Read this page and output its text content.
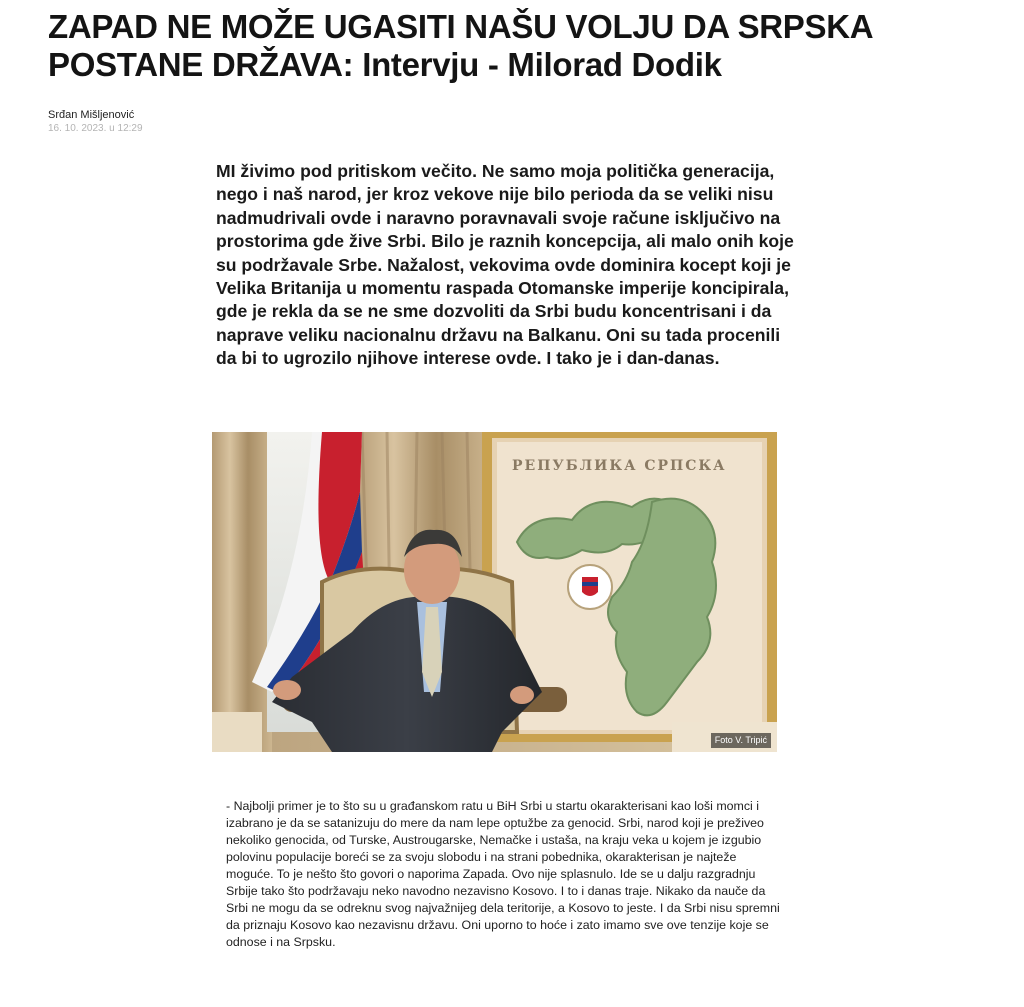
ZAPAD NE MOŽE UGASITI NAŠU VOLJU DA SRPSKA POSTANE DRŽAVA: Intervju - Milorad Dodik
Srđan Mišljenović
16. 10. 2023. u 12:29

MI živimo pod pritiskom večito. Ne samo moja politička generacija, nego i naš narod, jer kroz vekove nije bilo perioda da se veliki nisu nadmudrivali ovde i naravno poravnavali svoje račune isključivo na prostorima gde žive Srbi. Bilo je raznih koncepcija, ali malo onih koje su podržavale Srbe. Nažalost, vekovima ovde dominira kocept koji je Velika Britanija u momentu raspada Otomanske imperije koncipirala, gde je rekla da se ne sme dozvoliti da Srbi budu koncentrisani i da naprave veliku nacionalnu državu na Balkanu. Oni su tada procenili da bi to ugrozilo njihove interese ovde. I tako je i dan-danas.

РЕПУБЛИКА СРПСКА
Foto V. Tripić

- Najbolji primer je to što su u građanskom ratu u BiH Srbi u startu okarakterisani kao loši momci i izabrano je da se satanizuju do mere da nam lepe optužbe za genocid. Srbi, narod koji je preživeo nekoliko genocida, od Turske, Austrougarske, Nemačke i ustaša, na kraju veka u kojem je izgubio polovinu populacije boreći se za svoju slobodu i na strani pobednika, okarakterisan je najteže moguće. To je nešto što govori o naporima Zapada. Ovo nije splasnulo. Ide se u dalju razgradnju Srbije tako što podržavaju neko navodno nezavisno Kosovo. I to i danas traje. Nikako da nauče da Srbi ne mogu da se odreknu svog najvažnijeg dela teritorije, a Kosovo to jeste. I da Srbi nisu spremni da priznaju Kosovo kao nezavisnu državu. Oni uporno to hoće i zato imamo sve ove tenzije koje se odnose i na Srpsku.
